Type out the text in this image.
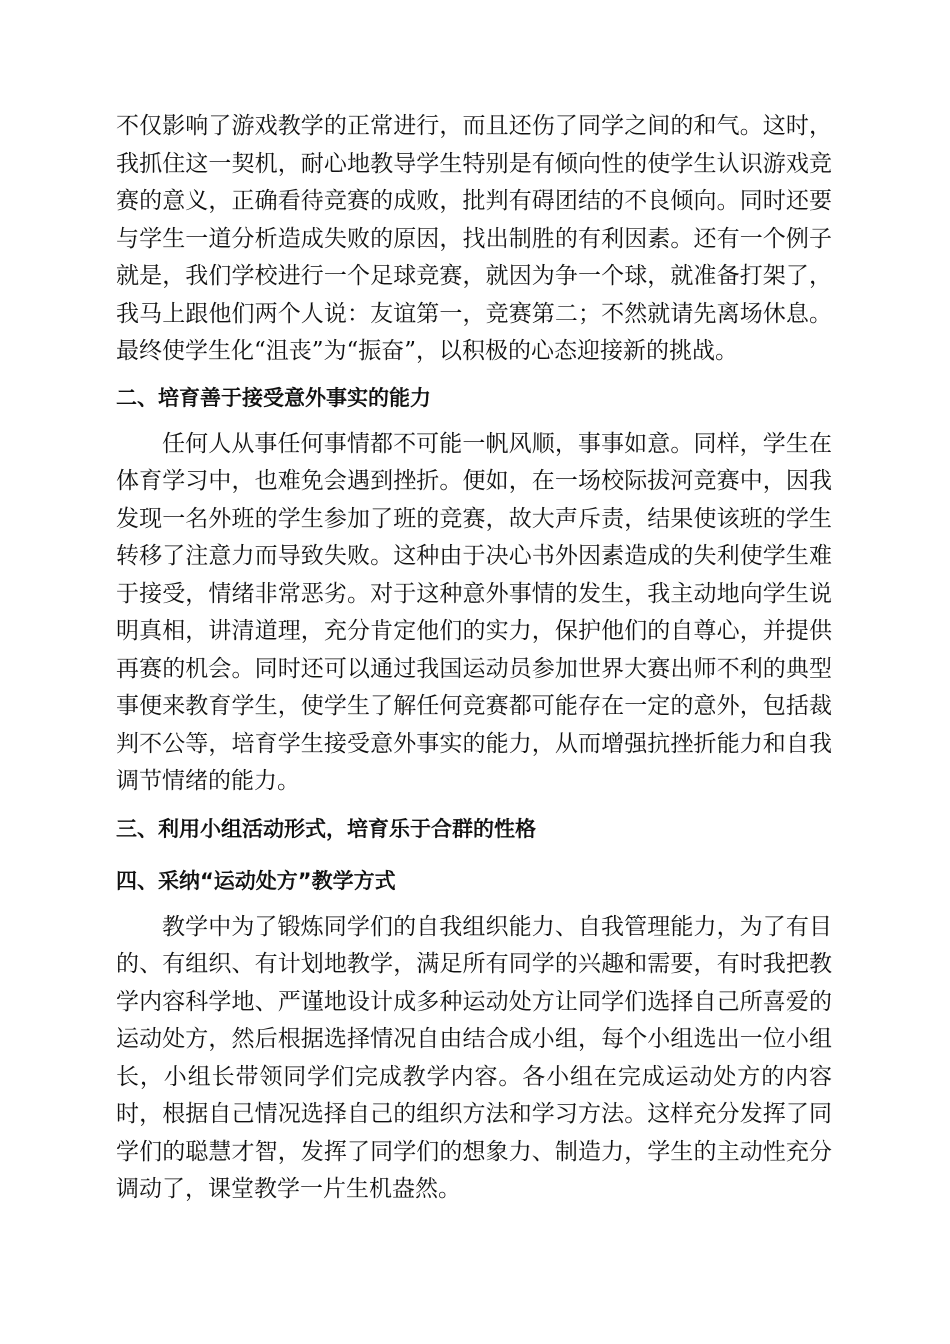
不仅影响了游戏教学的正常进行，而且还伤了同学之间的和气。这时，我抓住这一契机，耐心地教导学生特别是有倾向性的使学生认识游戏竞赛的意义，正确看待竞赛的成败，批判有碍团结的不良倾向。同时还要与学生一道分析造成失败的原因，找出制胜的有利因素。还有一个例子就是，我们学校进行一个足球竞赛，就因为争一个球，就准备打架了，我马上跟他们两个人说：友谊第一，竞赛第二；不然就请先离场休息。最终使学生化“沮丧”为“振奋”，以积极的心态迎接新的挑战。

二、培育善于接受意外事实的能力

任何人从事任何事情都不可能一帆风顺，事事如意。同样，学生在体育学习中，也难免会遇到挫折。便如，在一场校际拔河竞赛中，因我发现一名外班的学生参加了班的竞赛，故大声斥责，结果使该班的学生转移了注意力而导致失败。这种由于决心书外因素造成的失利使学生难于接受，情绪非常恶劣。对于这种意外事情的发生，我主动地向学生说明真相，讲清道理，充分肯定他们的实力，保护他们的自尊心，并提供再赛的机会。同时还可以通过我国运动员参加世界大赛出师不利的典型事便来教育学生，使学生了解任何竞赛都可能存在一定的意外，包括裁判不公等，培育学生接受意外事实的能力，从而增强抗挫折能力和自我调节情绪的能力。

三、利用小组活动形式，培育乐于合群的性格
四、采纳“运动处方”教学方式

教学中为了锻炼同学们的自我组织能力、自我管理能力，为了有目的、有组织、有计划地教学，满足所有同学的兴趣和需要，有时我把教学内容科学地、严谨地设计成多种运动处方让同学们选择自己所喜爱的运动处方，然后根据选择情况自由结合成小组，每个小组选出一位小组长，小组长带领同学们完成教学内容。各小组在完成运动处方的内容时，根据自己情况选择自己的组织方法和学习方法。这样充分发挥了同学们的聪慧才智，发挥了同学们的想象力、制造力，学生的主动性充分调动了，课堂教学一片生机盎然。
